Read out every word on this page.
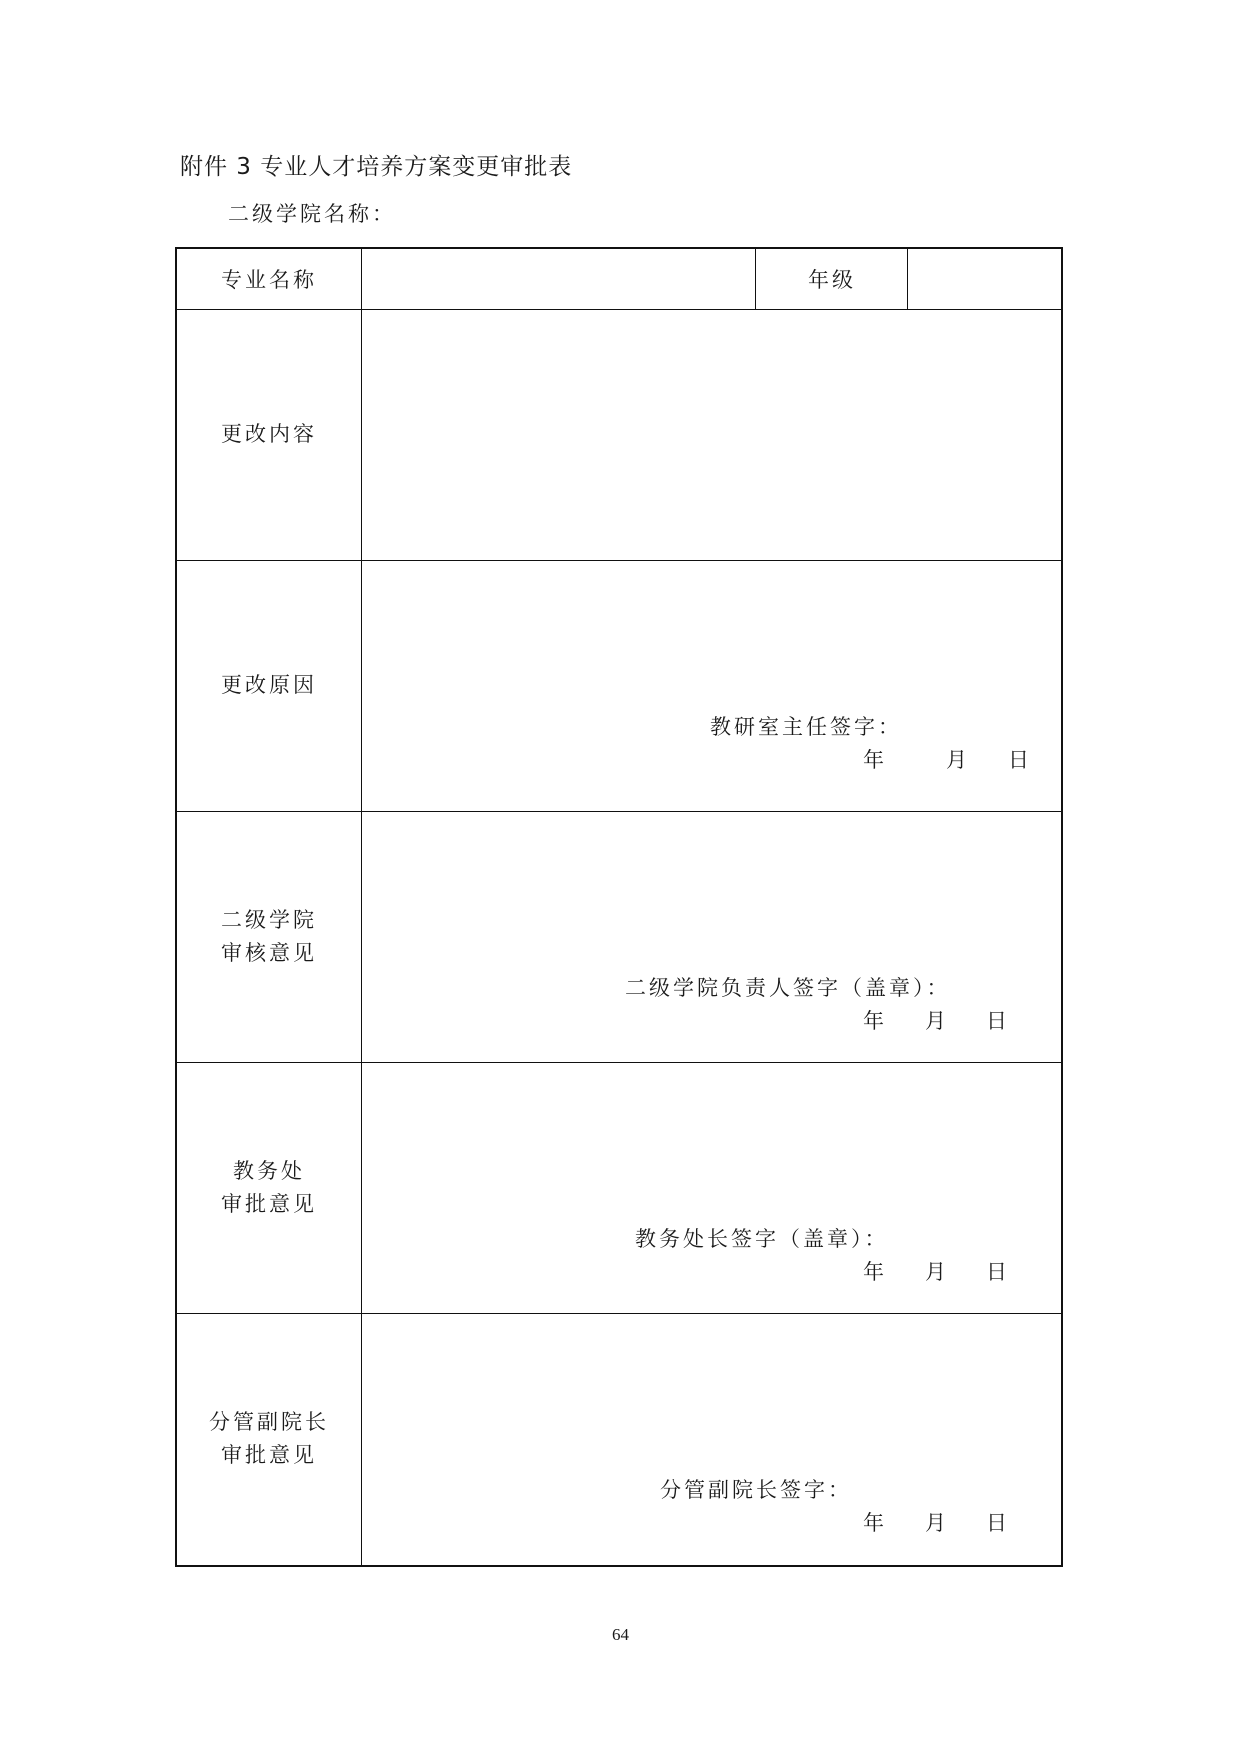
附件 3 专业人才培养方案变更审批表
二级学院名称：
专业名称	年级
更改内容
更改原因
教研室主任签字：
年	月 日
二级学院
审核意见
二级学院负责人签字（盖章）：
年 月 日
教务处
审批意见
教务处长签字（盖章）：
年 月 日
分管副院长
审批意见
分管副院长签字：
年 月 日
64
